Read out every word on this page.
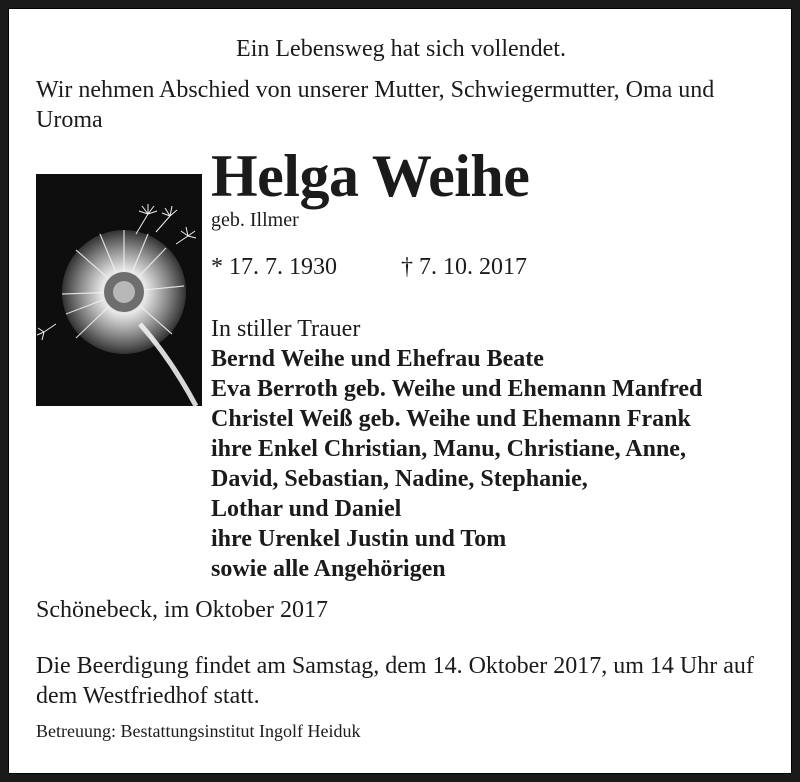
Ein Lebensweg hat sich vollendet.
Wir nehmen Abschied von unserer Mutter, Schwiegermutter, Oma und Uroma
Helga Weihe
geb. Illmer
* 17. 7. 1930	† 7. 10. 2017
In stiller Trauer
Bernd Weihe und Ehefrau Beate
Eva Berroth geb. Weihe und Ehemann Manfred
Christel Weiß geb. Weihe und Ehemann Frank
ihre Enkel Christian, Manu, Christiane, Anne,
David, Sebastian, Nadine, Stephanie,
Lothar und Daniel
ihre Urenkel Justin und Tom
sowie alle Angehörigen
Schönebeck, im Oktober 2017
Die Beerdigung findet am Samstag, dem 14. Oktober 2017, um 14 Uhr auf dem Westfriedhof statt.
Betreuung: Bestattungsinstitut Ingolf Heiduk
